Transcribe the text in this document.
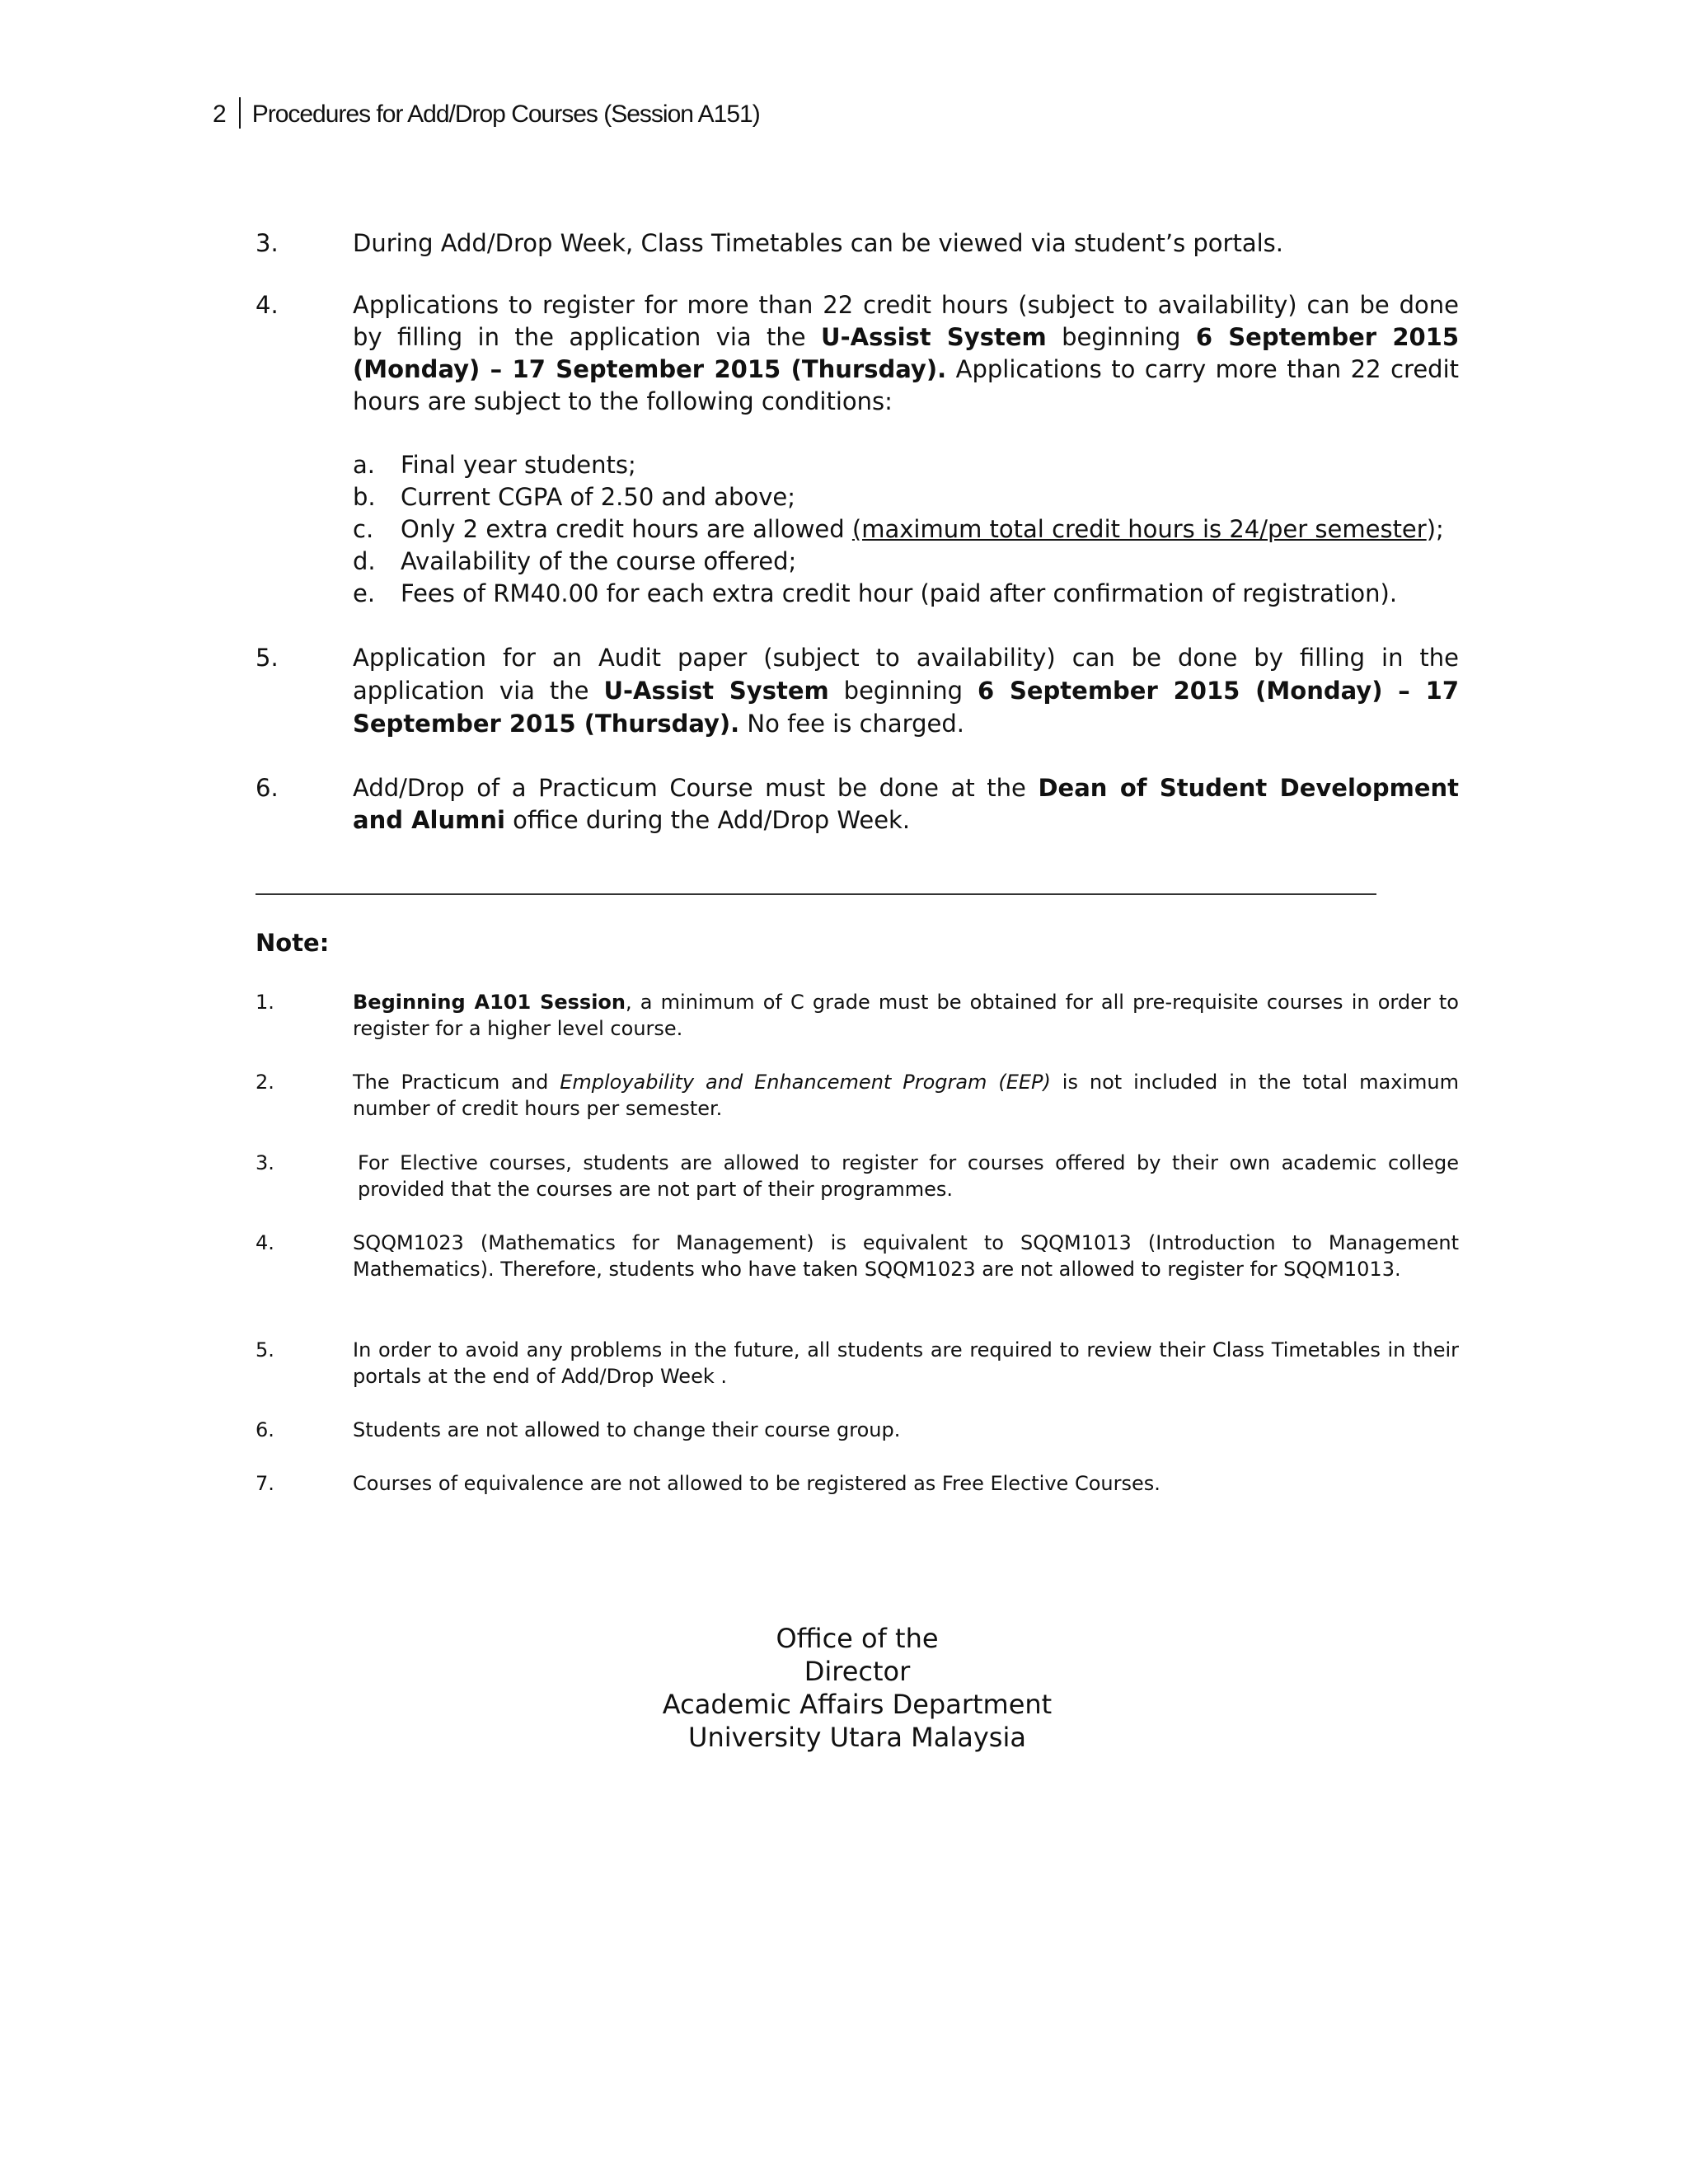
2 Procedures for Add/Drop Courses (Session A151)
3.	During Add/Drop Week, Class Timetables can be viewed via student’s portals.

4.	Applications to register for more than 22 credit hours (subject to availability) can be done by filling in the application via the U-Assist System beginning 6 September 2015 (Monday) – 17 September 2015 (Thursday). Applications to carry more than 22 credit hours are subject to the following conditions:

a. Final year students;
b. Current CGPA of 2.50 and above;
c. Only 2 extra credit hours are allowed (maximum total credit hours is 24/per semester);
d. Availability of the course offered;
e. Fees of RM40.00 for each extra credit hour (paid after confirmation of registration).
5.	Application for an Audit paper (subject to availability) can be done by filling in the application via the U-Assist System beginning 6 September 2015 (Monday) – 17 September 2015 (Thursday). No fee is charged.

6.	Add/Drop of a Practicum Course must be done at the Dean of Student Development and Alumni office during the Add/Drop Week.

Note:
1.	Beginning A101 Session, a minimum of C grade must be obtained for all pre-requisite courses in order to register for a higher level course.
2.	The Practicum and Employability and Enhancement Program (EEP) is not included in the total maximum number of credit hours per semester.
3.	For Elective courses, students are allowed to register for courses offered by their own academic college provided that the courses are not part of their programmes.
4.	SQQM1023 (Mathematics for Management) is equivalent to SQQM1013 (Introduction to Management Mathematics). Therefore, students who have taken SQQM1023 are not allowed to register for SQQM1013.
5.	In order to avoid any problems in the future, all students are required to review their Class Timetables in their portals at the end of Add/Drop Week .
6.	Students are not allowed to change their course group.
7.	Courses of equivalence are not allowed to be registered as Free Elective Courses.
Office of the
Director
Academic Affairs Department
University Utara Malaysia
